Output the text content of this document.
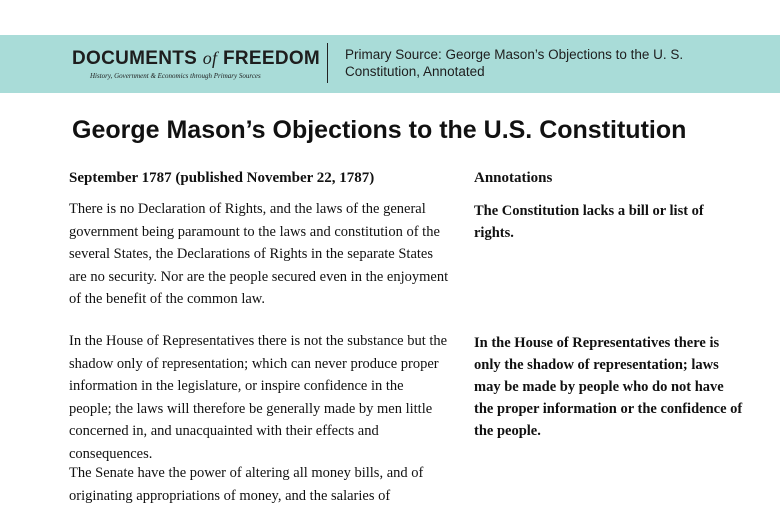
DOCUMENTS of FREEDOM
History, Government & Economics through Primary Sources
Primary Source: George Mason’s Objections to the U. S. Constitution, Annotated
George Mason’s Objections to the U.S. Constitution
September 1787 (published November 22, 1787)	Annotations
There is no Declaration of Rights, and the laws of the general government being paramount to the laws and constitution of the several States, the Declarations of Rights in the separate States are no security. Nor are the people secured even in the enjoyment of the benefit of the common law.
In the House of Representatives there is not the substance but the shadow only of representation; which can never produce proper information in the legislature, or inspire confidence in the people; the laws will therefore be generally made by men little concerned in, and unacquainted with their effects and consequences.
The Senate have the power of altering all money bills, and of originating appropriations of money, and the salaries of
The Constitution lacks a bill or list of rights.
In the House of Representatives there is only the shadow of representation; laws may be made by people who do not have the proper information or the confidence of the people.
